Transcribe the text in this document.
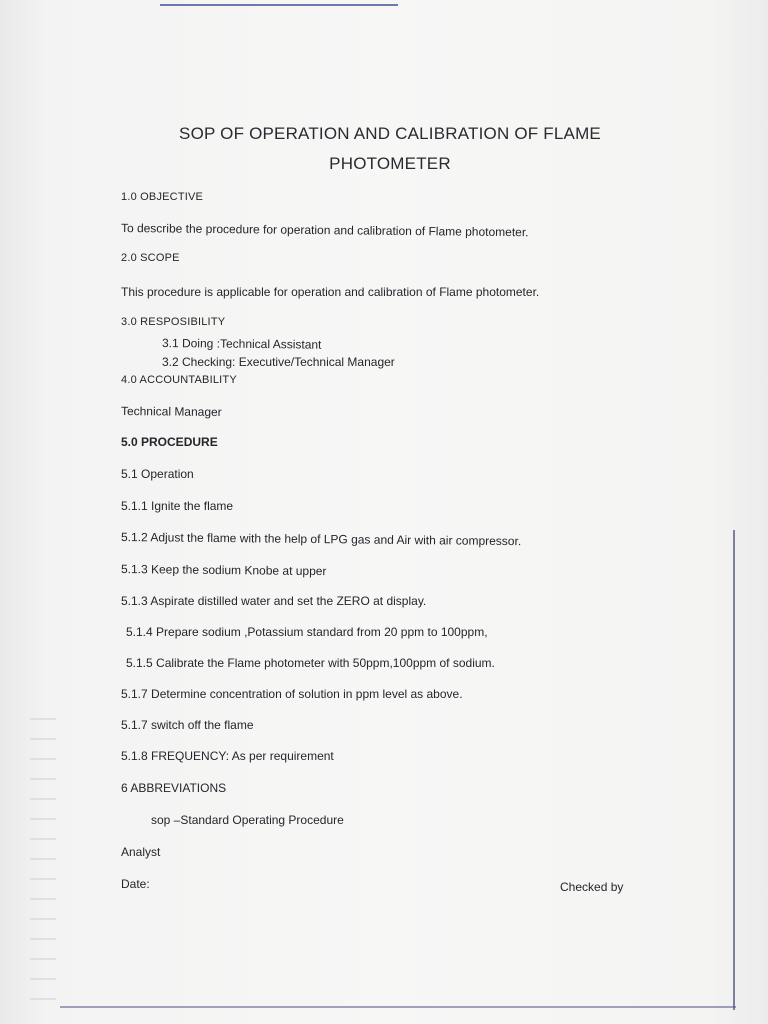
SOP OF OPERATION AND CALIBRATION OF FLAME
PHOTOMETER
1.0 OBJECTIVE
To describe the procedure for operation and calibration of Flame photometer.
2.0 SCOPE
This procedure is applicable for operation and calibration of Flame photometer.
3.0 RESPOSIBILITY
3.1 Doing :Technical Assistant
3.2 Checking: Executive/Technical Manager
4.0 ACCOUNTABILITY
Technical Manager
5.0 PROCEDURE
5.1 Operation
5.1.1 Ignite the flame
5.1.2 Adjust the flame with the help of LPG gas and Air with air compressor.
5.1.3 Keep the sodium Knobe at upper
5.1.3 Aspirate distilled water and set the ZERO at display.
5.1.4 Prepare sodium ,Potassium standard from 20 ppm to 100ppm,
5.1.5 Calibrate the Flame photometer with 50ppm,100ppm of sodium.
5.1.7 Determine concentration of solution in ppm level as above.
5.1.7 switch off the flame
5.1.8 FREQUENCY: As per requirement
6 ABBREVIATIONS
sop –Standard Operating Procedure
Analyst
Date:	Checked by
